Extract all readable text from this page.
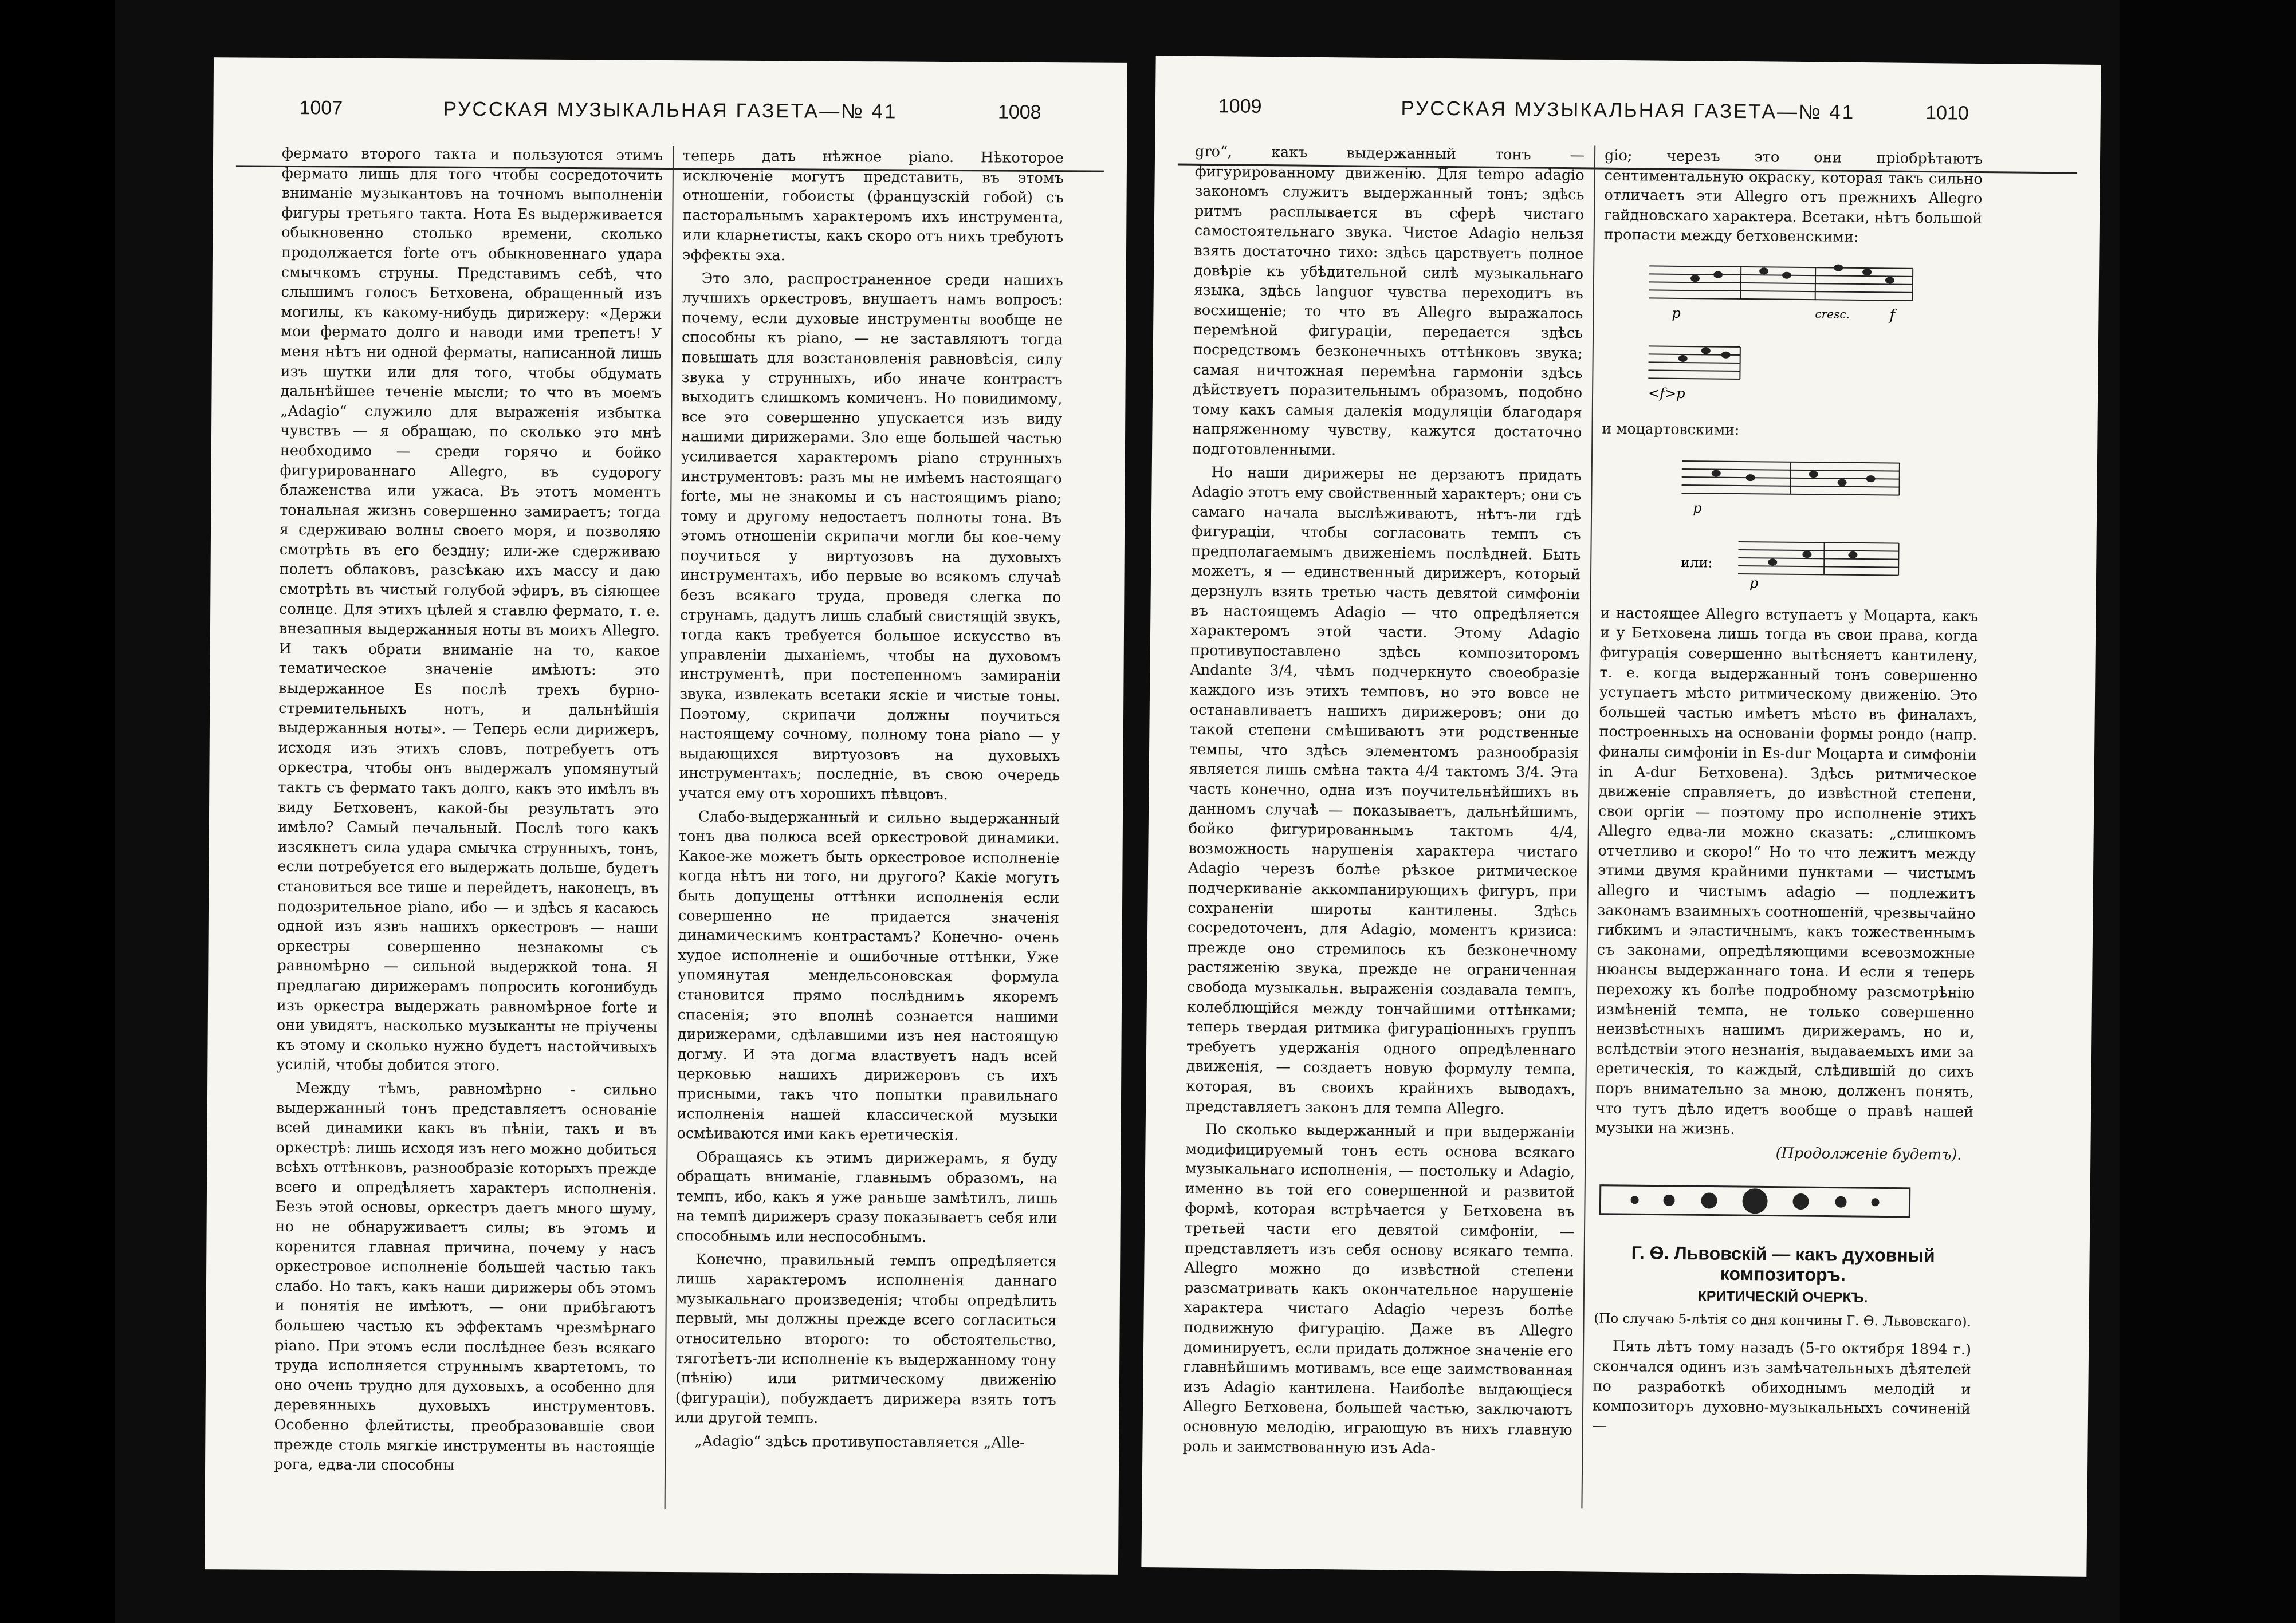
1007	РУССКАЯ МУЗЫКАЛЬНАЯ ГАЗЕТА—№ 41	1008

фермато второго такта и пользуются этимъ фермато лишь для того чтобы сосредоточить вниманіе музыкантовъ на точномъ выполненіи фигуры третьяго такта. Нота Es выдерживается обыкновенно столько времени, сколько продолжается forte отъ обыкновеннаго удара смычкомъ струны. Представимъ себѣ, что слышимъ голосъ Бетховена, обращенный изъ могилы, къ какому-нибудь дирижеру: «Держи мои фермато долго и наводи ими трепетъ! У меня нѣтъ ни одной ферматы, написанной лишь изъ шутки или для того, чтобы обдумать дальнѣйшее теченіе мысли; то что въ моемъ „Adagio“ служило для выраженія избытка чувствъ — я обращаю, по сколько это мнѣ необходимо — среди горячо и бойко фигурированнаго Allegro, въ судорогу блаженства или ужаса. Въ этотъ моментъ тональная жизнь совершенно замираетъ; тогда я сдерживаю волны своего моря, и позволяю смотрѣть въ его бездну; или-же сдерживаю полетъ облаковъ, разсѣкаю ихъ массу и даю смотрѣть въ чистый голубой эфиръ, въ сіяющее солнце. Для этихъ цѣлей я ставлю фермато, т. е. внезапныя выдержанныя ноты въ моихъ Allegro. И такъ обрати вниманіе на то, какое тематическое значеніе имѣютъ: это выдержанное Es послѣ трехъ бурно-стремительныхъ нотъ, и дальнѣйшія выдержанныя ноты». — Теперь если дирижеръ, исходя изъ этихъ словъ, потребуетъ отъ оркестра, чтобы онъ выдержалъ упомянутый тактъ съ фермато такъ долго, какъ это имѣлъ въ виду Бетховенъ, какой-бы результатъ это имѣло? Самый печальный. Послѣ того какъ изсякнетъ сила удара смычка струнныхъ, тонъ, если потребуется его выдержать дольше, будетъ становиться все тише и перейдетъ, наконецъ, въ подозрительное piano, ибо — и здѣсь я касаюсь одной изъ язвъ нашихъ оркестровъ — наши оркестры совершенно незнакомы съ равномѣрно — сильной выдержкой тона. Я предлагаю дирижерамъ попросить когонибудь изъ оркестра выдержать равномѣрное forte и они увидятъ, насколько музыканты не пріучены къ этому и сколько нужно будетъ настойчивыхъ усилій, чтобы добится этого.

Между тѣмъ, равномѣрно - сильно выдержанный тонъ представляетъ основаніе всей динамики какъ въ пѣніи, такъ и въ оркестрѣ: лишь исходя изъ него можно добиться всѣхъ оттѣнковъ, разнообразіе которыхъ прежде всего и опредѣляетъ характеръ исполненія. Безъ этой основы, оркестръ даетъ много шуму, но не обнаруживаетъ силы; въ этомъ и коренится главная причина, почему у насъ оркестровое исполненіе большей частью такъ слабо. Но такъ, какъ наши дирижеры объ этомъ и понятія не имѣютъ, — они прибѣгаютъ большею частью къ эффектамъ чрезмѣрнаго piano. При этомъ если послѣднее безъ всякаго труда исполняется струннымъ квартетомъ, то оно очень трудно для духовыхъ, а особенно для деревянныхъ духовыхъ инструментовъ. Особенно флейтисты, преобразовавшіе свои прежде столь мягкіе инструменты въ настоящіе рога, едва-ли способны

теперь дать нѣжное piano. Нѣкоторое исключеніе могутъ представить, въ этомъ отношеніи, гобоисты (французскій гобой) съ пасторальнымъ характеромъ ихъ инструмента, или кларнетисты, какъ скоро отъ нихъ требуютъ эффекты эха.

Это зло, распространенное среди нашихъ лучшихъ оркестровъ, внушаетъ намъ вопросъ: почему, если духовые инструменты вообще не способны къ piano, — не заставляютъ тогда повышать для возстановленія равновѣсія, силу звука у струнныхъ, ибо иначе контрастъ выходитъ слишкомъ комиченъ. Но повидимому, все это совершенно упускается изъ виду нашими дирижерами. Зло еще большей частью усиливается характеромъ piano струнныхъ инструментовъ: разъ мы не имѣемъ настоящаго forte, мы не знакомы и съ настоящимъ piano; тому и другому недостаетъ полноты тона. Въ этомъ отношеніи скрипачи могли бы кое-чему поучиться у виртуозовъ на духовыхъ инструментахъ, ибо первые во всякомъ случаѣ безъ всякаго труда, проведя слегка по струнамъ, дадутъ лишь слабый свистящій звукъ, тогда какъ требуется большое искусство въ управленіи дыханіемъ, чтобы на духовомъ инструментѣ, при постепенномъ замираніи звука, извлекать всетаки яскіе и чистые тоны. Поэтому, скрипачи должны поучиться настоящему сочному, полному тона piano — у выдающихся виртуозовъ на духовыхъ инструментахъ; последніе, въ свою очередь учатся ему отъ хорошихъ пѣвцовъ.

Слабо-выдержанный и сильно выдержанный тонъ два полюса всей оркестровой динамики. Какое-же можетъ быть оркестровое исполненіе когда нѣтъ ни того, ни другого? Какіе могутъ быть допущены оттѣнки исполненія если совершенно не придается значенія динамическимъ контрастамъ? Конечно- очень худое исполненіе и ошибочные оттѣнки, Уже упомянутая мендельсоновская формула становится прямо послѣднимъ якоремъ спасенія; это вполнѣ сознается нашими дирижерами, сдѣлавшими изъ нея настоящую догму. И эта догма властвуетъ надъ всей церковью нашихъ дирижеровъ съ ихъ присными, такъ что попытки правильнаго исполненія нашей классической музыки осмѣиваются ими какъ еретическія.

Обращаясь къ этимъ дирижерамъ, я буду обращать вниманіе, главнымъ образомъ, на темпъ, ибо, какъ я уже раньше замѣтилъ, лишь на темпѣ дирижеръ сразу показываетъ себя или способнымъ или неспособнымъ.

Конечно, правильный темпъ опредѣляется лишь характеромъ исполненія даннаго музыкальнаго произведенія; чтобы опредѣлить первый, мы должны прежде всего согласиться относительно второго: то обстоятельство, тяготѣетъ-ли исполненіе къ выдержанному тону (пѣнію) или ритмическому движенію (фигураціи), побуждаетъ дирижера взять тотъ или другой темпъ.

„Adagio“ здѣсь противупоставляется „Alle-

1009	РУССКАЯ МУЗЫКАЛЬНАЯ ГАЗЕТА—№ 41	1010

gro“, какъ выдержанный тонъ — фигурированному движенію. Для tempo adagio закономъ служитъ выдержанный тонъ; здѣсь ритмъ расплывается въ сферѣ чистаго самостоятельнаго звука. Чистое Adagio нельзя взять достаточно тихо: здѣсь царствуетъ полное довѣріе къ убѣдительной силѣ музыкальнаго языка, здѣсь languor чувства переходитъ въ восхищеніе; то что въ Allegro выражалось перемѣной фигураціи, передается здѣсь посредствомъ безконечныхъ оттѣнковъ звука; самая ничтожная перемѣна гармоніи здѣсь дѣйствуетъ поразительнымъ образомъ, подобно тому какъ самыя далекія модуляціи благодаря напряженному чувству, кажутся достаточно подготовленными.

Но наши дирижеры не дерзаютъ придать Adagio этотъ ему свойственный характеръ; они съ самаго начала выслѣживаютъ, нѣтъ-ли гдѣ фигураціи, чтобы согласовать темпъ съ предполагаемымъ движеніемъ послѣдней. Быть можетъ, я — единственный дирижеръ, который дерзнулъ взять третью часть девятой симфоніи въ настоящемъ Adagio — что опредѣляется характеромъ этой части. Этому Adagio противупоставлено здѣсь композиторомъ Andante 3/4, чѣмъ подчеркнуто своеобразіе каждого изъ этихъ темповъ, но это вовсе не останавливаетъ нашихъ дирижеровъ; они до такой степени смѣшиваютъ эти родственные темпы, что здѣсь элементомъ разнообразія является лишь смѣна такта 4/4 тактомъ 3/4. Эта часть конечно, одна изъ поучительнѣйшихъ въ данномъ случаѣ — показываетъ, дальнѣйшимъ, бойко фигурированнымъ тактомъ 4/4, возможность нарушенія характера чистаго Adagio черезъ болѣе рѣзкое ритмическое подчеркиваніе аккомпанирующихъ фигуръ, при сохраненіи широты кантилены. Здѣсь сосредоточенъ, для Adagio, моментъ кризиса: прежде оно стремилось къ безконечному растяженію звука, прежде не ограниченная свобода музыкальн. выраженія создавала темпъ, колеблющійся между тончайшими оттѣнками; теперь твердая ритмика фигураціонныхъ группъ требуетъ удержанія одного опредѣленнаго движенія, — создаетъ новую формулу темпа, которая, въ своихъ крайнихъ выводахъ, представляетъ законъ для темпа Allegro.

По сколько выдержанный и при выдержаніи модифицируемый тонъ есть основа всякаго музыкальнаго исполненія, — постольку и Adagio, именно въ той его совершенной и развитой формѣ, которая встрѣчается у Бетховена въ третьей части его девятой симфоніи, — представляетъ изъ себя основу всякаго темпа. Allegro можно до извѣстной степени разсматривать какъ окончательное нарушеніе характера чистаго Adagio черезъ болѣе подвижную фигурацію. Даже въ Allegro доминируетъ, если придать должное значеніе его главнѣйшимъ мотивамъ, все еще заимствованная изъ Adagio кантилена. Наиболѣе выдающіеся Allegro Бетховена, большей частью, заключаютъ основную мелодію, играющую въ нихъ главную роль и заимствованную изъ Ada-

gio; черезъ это они пріобрѣтаютъ сентиментальную окраску, которая такъ сильно отличаетъ эти Allegro отъ прежнихъ Allegro гайдновскаго характера. Всетаки, нѣтъ большой пропасти между бетховенскими:

p	cresc.	f
<f>p
и моцартовскими:
p
или:
p

и настоящее Allegro вступаетъ у Моцарта, какъ и у Бетховена лишь тогда въ свои права, когда фигурація совершенно вытѣсняетъ кантилену, т. е. когда выдержанный тонъ совершенно уступаетъ мѣсто ритмическому движенію. Это большей частью имѣетъ мѣсто въ финалахъ, построенныхъ на основаніи формы рондо (напр. финалы симфоніи in Es-dur Моцарта и симфоніи in A-dur Бетховена). Здѣсь ритмическое движеніе справляетъ, до извѣстной степени, свои оргіи — поэтому про исполненіе этихъ Allegro едва-ли можно сказать: „слишкомъ отчетливо и скоро!“ Но то что лежитъ между этими двумя крайними пунктами — чистымъ allegro и чистымъ adagio — подлежитъ законамъ взаимныхъ соотношеній, чрезвычайно гибкимъ и эластичнымъ, какъ тожественнымъ съ законами, опредѣляющими всевозможные нюансы выдержаннаго тона. И если я теперь перехожу къ болѣе подробному разсмотрѣнію измѣненій темпа, не только совершенно неизвѣстныхъ нашимъ дирижерамъ, но и, вслѣдствіи этого незнанія, выдаваемыхъ ими за еретическія, то каждый, слѣдившій до сихъ поръ внимательно за мною, долженъ понять, что тутъ дѣло идетъ вообще о правѣ нашей музыки на жизнь.

(Продолженіе будетъ).
Г. Ѳ. Львовскій — какъ духовный композиторъ.
КРИТИЧЕСКІЙ ОЧЕРКЪ.
(По случаю 5-лѣтія со дня кончины Г. Ѳ. Львовскаго).

Пять лѣтъ тому назадъ (5-го октября 1894 г.) скончался одинъ изъ замѣчательныхъ дѣятелей по разработкѣ обиходнымъ мелодій и композиторъ духовно-музыкальныхъ сочиненій—
